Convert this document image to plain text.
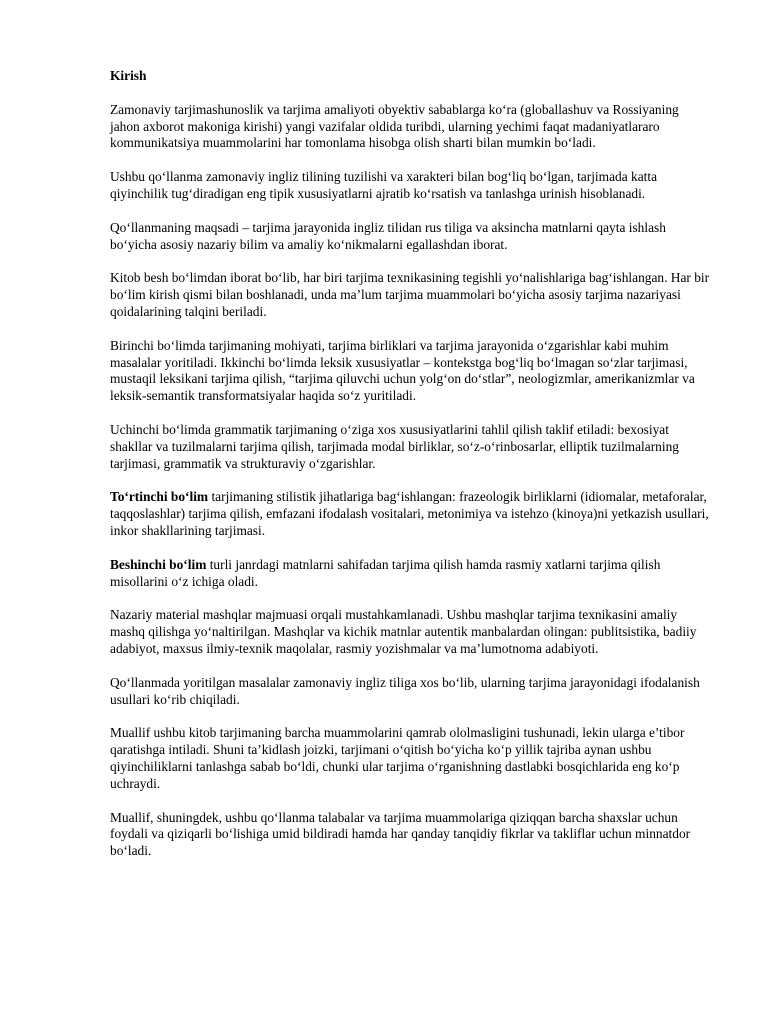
Kirish

Zamonaviy tarjimashunoslik va tarjima amaliyoti obyektiv sabablarga ko‘ra (globallashuv va Rossiyaning jahon axborot makoniga kirishi) yangi vazifalar oldida turibdi, ularning yechimi faqat madaniyatlararo kommunikatsiya muammolarini har tomonlama hisobga olish sharti bilan mumkin bo‘ladi.

Ushbu qo‘llanma zamonaviy ingliz tilining tuzilishi va xarakteri bilan bog‘liq bo‘lgan, tarjimada katta qiyinchilik tug‘diradigan eng tipik xususiyatlarni ajratib ko‘rsatish va tanlashga urinish hisoblanadi.

Qo‘llanmaning maqsadi – tarjima jarayonida ingliz tilidan rus tiliga va aksincha matnlarni qayta ishlash bo‘yicha asosiy nazariy bilim va amaliy ko‘nikmalarni egallashdan iborat.

Kitob besh bo‘limdan iborat bo‘lib, har biri tarjima texnikasining tegishli yo‘nalishlariga bag‘ishlangan. Har bir bo‘lim kirish qismi bilan boshlanadi, unda ma’lum tarjima muammolari bo‘yicha asosiy tarjima nazariyasi qoidalarining talqini beriladi.

Birinchi bo‘limda tarjimaning mohiyati, tarjima birliklari va tarjima jarayonida o‘zgarishlar kabi muhim masalalar yoritiladi. Ikkinchi bo‘limda leksik xususiyatlar – kontekstga bog‘liq bo‘lmagan so‘zlar tarjimasi, mustaqil leksikani tarjima qilish, “tarjima qiluvchi uchun yolg‘on do‘stlar”, neologizmlar, amerikanizmlar va leksik-semantik transformatsiyalar haqida so‘z yuritiladi.

Uchinchi bo‘limda grammatik tarjimaning o‘ziga xos xususiyatlarini tahlil qilish taklif etiladi: bexosiyat shakllar va tuzilmalarni tarjima qilish, tarjimada modal birliklar, so‘z-o‘rinbosarlar, elliptik tuzilmalarning tarjimasi, grammatik va strukturaviy o‘zgarishlar.

To‘rtinchi bo‘lim tarjimaning stilistik jihatlariga bag‘ishlangan: frazeologik birliklarni (idiomalar, metaforalar, taqqoslashlar) tarjima qilish, emfazani ifodalash vositalari, metonimiya va istehzo (kinoya)ni yetkazish usullari, inkor shakllarining tarjimasi.

Beshinchi bo‘lim turli janrdagi matnlarni sahifadan tarjima qilish hamda rasmiy xatlarni tarjima qilish misollarini o‘z ichiga oladi.

Nazariy material mashqlar majmuasi orqali mustahkamlanadi. Ushbu mashqlar tarjima texnikasini amaliy mashq qilishga yo‘naltirilgan. Mashqlar va kichik matnlar autentik manbalardan olingan: publitsistika, badiiy adabiyot, maxsus ilmiy-texnik maqolalar, rasmiy yozishmalar va ma’lumotnoma adabiyoti.

Qo‘llanmada yoritilgan masalalar zamonaviy ingliz tiliga xos bo‘lib, ularning tarjima jarayonidagi ifodalanish usullari ko‘rib chiqiladi.

Muallif ushbu kitob tarjimaning barcha muammolarini qamrab ololmasligini tushunadi, lekin ularga e’tibor qaratishga intiladi. Shuni ta’kidlash joizki, tarjimani o‘qitish bo‘yicha ko‘p yillik tajriba aynan ushbu qiyinchiliklarni tanlashga sabab bo‘ldi, chunki ular tarjima o‘rganishning dastlabki bosqichlarida eng ko‘p uchraydi.

Muallif, shuningdek, ushbu qo‘llanma talabalar va tarjima muammolariga qiziqqan barcha shaxslar uchun foydali va qiziqarli bo‘lishiga umid bildiradi hamda har qanday tanqidiy fikrlar va takliflar uchun minnatdor bo‘ladi.
